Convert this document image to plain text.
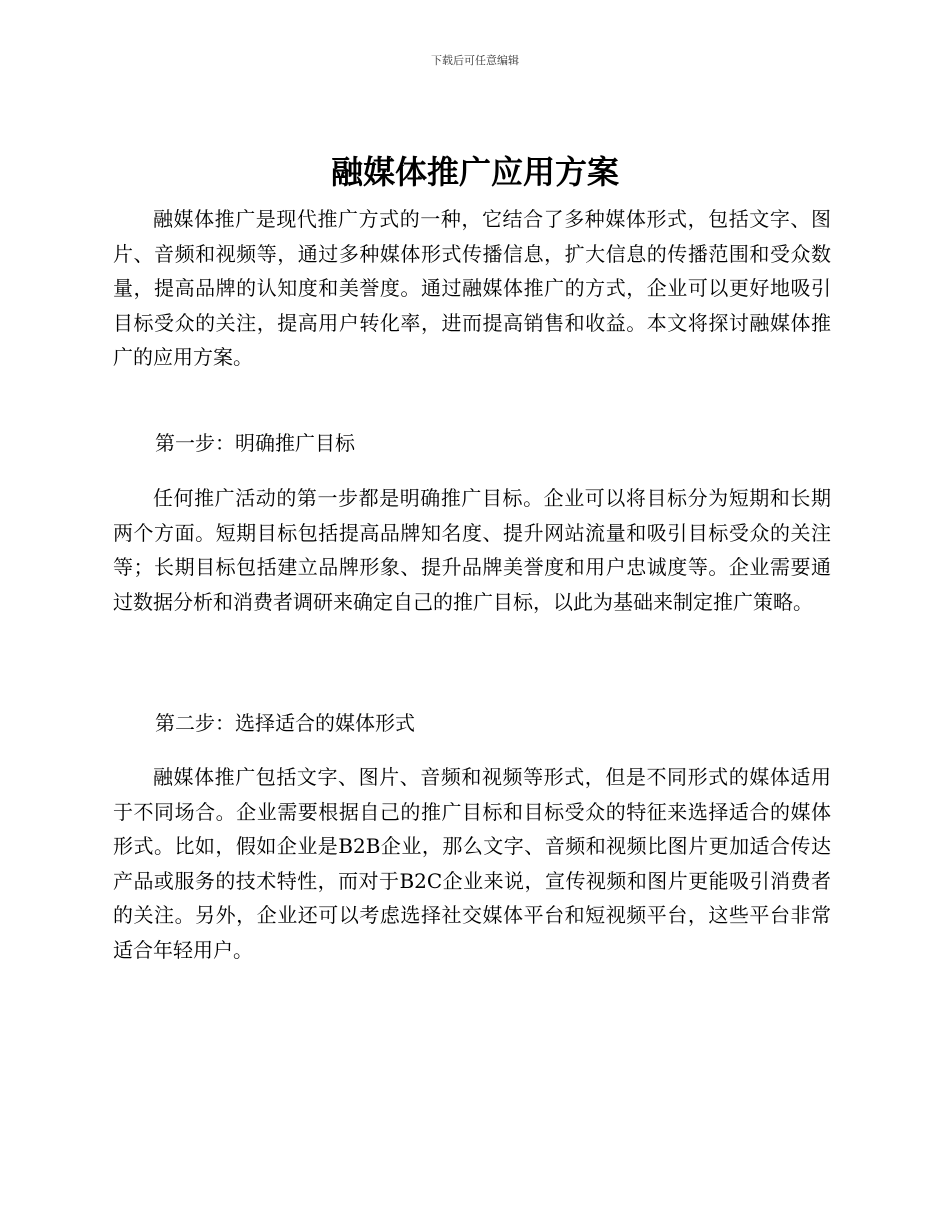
下载后可任意编辑
融媒体推广应用方案

融媒体推广是现代推广方式的一种，它结合了多种媒体形式，包括文字、图片、音频和视频等，通过多种媒体形式传播信息，扩大信息的传播范围和受众数量，提高品牌的认知度和美誉度。通过融媒体推广的方式，企业可以更好地吸引目标受众的关注，提高用户转化率，进而提高销售和收益。本文将探讨融媒体推广的应用方案。

第一步：明确推广目标

任何推广活动的第一步都是明确推广目标。企业可以将目标分为短期和长期两个方面。短期目标包括提高品牌知名度、提升网站流量和吸引目标受众的关注等；长期目标包括建立品牌形象、提升品牌美誉度和用户忠诚度等。企业需要通过数据分析和消费者调研来确定自己的推广目标，以此为基础来制定推广策略。

第二步：选择适合的媒体形式

融媒体推广包括文字、图片、音频和视频等形式，但是不同形式的媒体适用于不同场合。企业需要根据自己的推广目标和目标受众的特征来选择适合的媒体形式。比如，假如企业是B2B企业，那么文字、音频和视频比图片更加适合传达产品或服务的技术特性，而对于B2C企业来说，宣传视频和图片更能吸引消费者的关注。另外，企业还可以考虑选择社交媒体平台和短视频平台，这些平台非常适合年轻用户。
